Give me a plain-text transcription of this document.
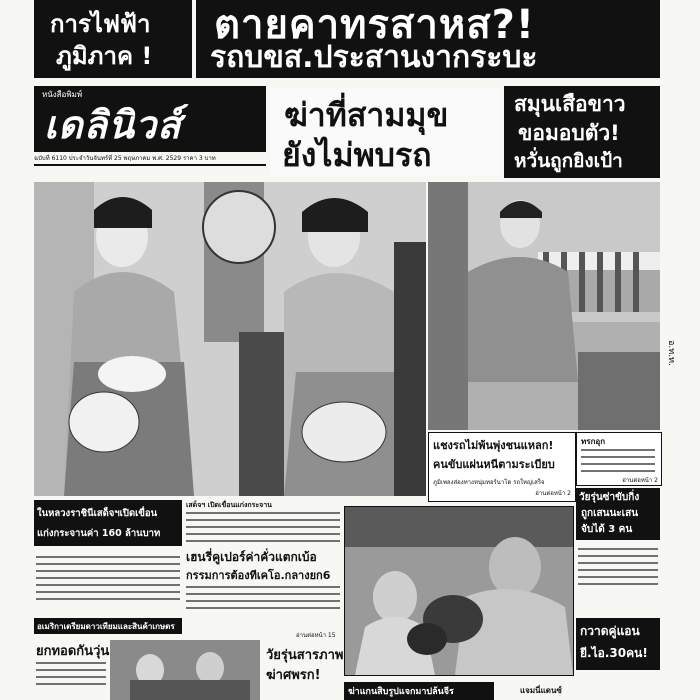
การไฟฟ้า
ภูมิภาค !
ตายคาทรสาหส?!
รถบขส.ประสานงากระบะ
หนังสือพิมพ์
เดลินิวส์
ฉบับที่ 6110 ประจำวันจันทร์ที่ 25 พฤษภาคม พ.ศ. 2529 ราคา 3 บาท
ฆ่าที่สามมุข
ยังไม่พบรถ
สมุนเสือขาว
ขอมอบตัว!
หวั่นถูกยิงเป้า
อ.ท.ท.
แชงรถไม่พ้นพุ่งชนแหลก!
คนขับแผ่นหนีตามระเบียบ
ภูมิเพลงส่องทางหนุ่มทอร์นาโด รถใหญ่เสร็จ
อ่านต่อหน้า 2
ทรกอุก
อ่านต่อหน้า 2
วัยรุ่นซ่าขับกิ่ง
ถูกเสนนะเสน
จับได้ 3 คน
กวาดคู่แอน
ยี.ไอ.30คน!
แจมนี่แดนซ์
ในหลวงราชินีเสด็จฯเปิดเขื่อน
แก่งกระจานค่า 160 ล้านบาท
อเมริกาเตรียมดาวเทียมและสินค้าเกษตร
ยกทอดกันวุ่น
เสด็จฯ เปิดเขื่อนแก่งกระจาน
เฮนรี่คูเปอร์ค่าคั่วแตกเบ้อ
กรรมการต้องทีเคโอ.กลางยก6
อ่านต่อหน้า 15
วัยรุ่นสารภาพ
ฆ่าศพรก!
ฆ่าแกนสิบรูปแจกมาปล้นจีร
